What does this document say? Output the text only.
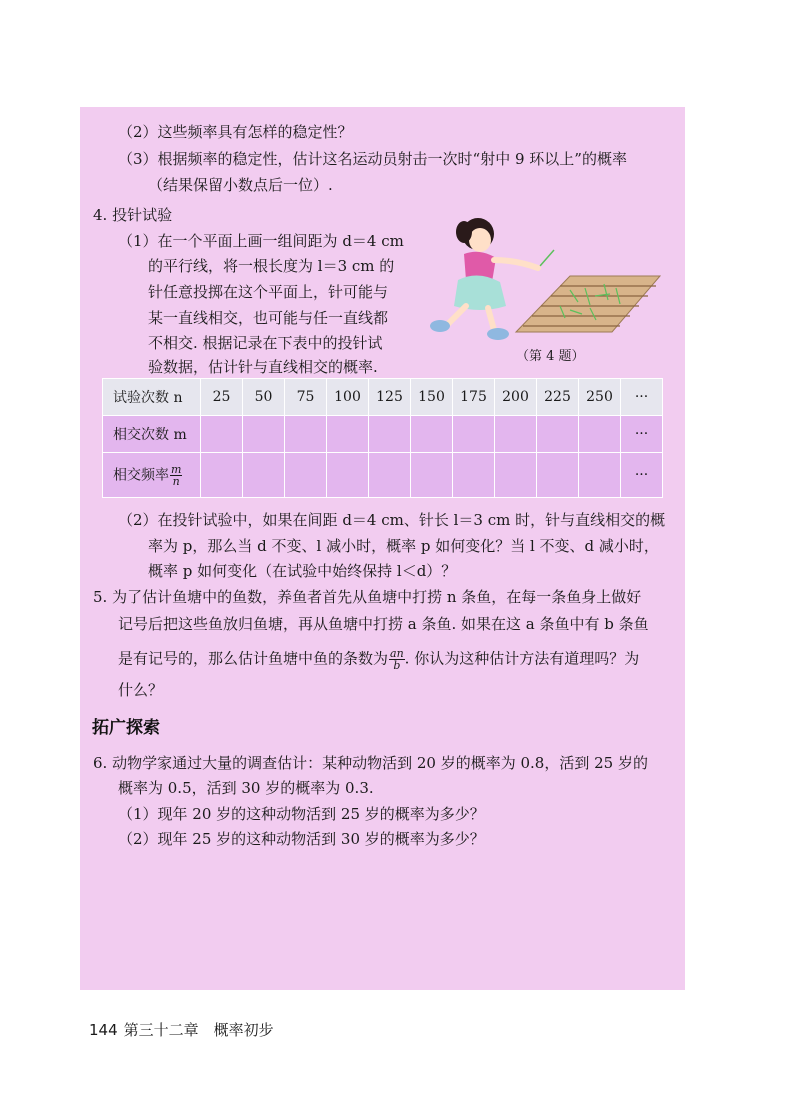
（2）这些频率具有怎样的稳定性？
（3）根据频率的稳定性，估计这名运动员射击一次时“射中 9 环以上”的概率
（结果保留小数点后一位）.
4. 投针试验
（1）在一个平面上画一组间距为 d＝4 cm
的平行线，将一根长度为 l＝3 cm 的
针任意投掷在这个平面上，针可能与
某一直线相交，也可能与任一直线都
不相交. 根据记录在下表中的投针试
验数据，估计针与直线相交的概率.
（第 4 题）
试验次数 n	25	50	75	100	125	150	175	200	225	250	···
相交次数 m											···
相交频率 $\frac{m}{n}$											···
（2）在投针试验中，如果在间距 d＝4 cm、针长 l＝3 cm 时，针与直线相交的概
率为 p，那么当 d 不变、l 减小时，概率 p 如何变化？当 l 不变、d 减小时，
概率 p 如何变化（在试验中始终保持 l＜d）？
5. 为了估计鱼塘中的鱼数，养鱼者首先从鱼塘中打捞 n 条鱼，在每一条鱼身上做好
记号后把这些鱼放归鱼塘，再从鱼塘中打捞 a 条鱼. 如果在这 a 条鱼中有 b 条鱼
是有记号的，那么估计鱼塘中鱼的条数为 $\frac{an}{b}$ . 你认为这种估计方法有道理吗？为
什么？
拓广探索
6. 动物学家通过大量的调查估计：某种动物活到 20 岁的概率为 0.8，活到 25 岁的
概率为 0.5，活到 30 岁的概率为 0.3.
（1）现年 20 岁的这种动物活到 25 岁的概率为多少？
（2）现年 25 岁的这种动物活到 30 岁的概率为多少？
144 第三十二章　概率初步
